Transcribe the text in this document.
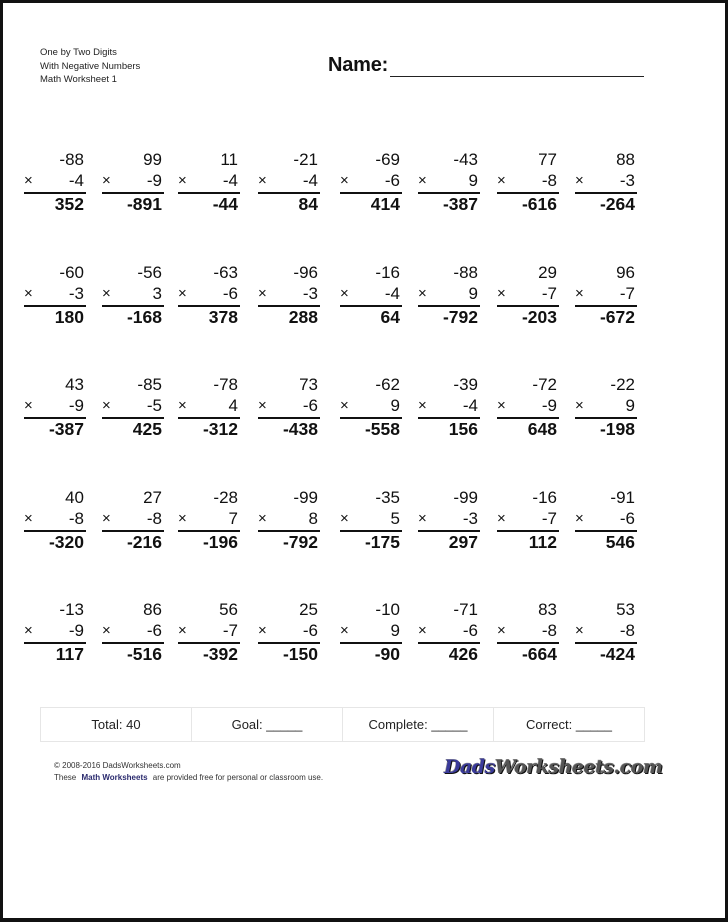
One by Two Digits
With Negative Numbers
Math Worksheet 1
Name:
-88
× -4
352
99
× -9
-891
11
× -4
-44
-21
× -4
84
-69
× -6
414
-43
× 9
-387
77
× -8
-616
88
× -3
-264
-60
× -3
180
-56
× 3
-168
-63
× -6
378
-96
× -3
288
-16
× -4
64
-88
× 9
-792
29
× -7
-203
96
× -7
-672
43
× -9
-387
-85
× -5
425
-78
× 4
-312
73
× -6
-438
-62
× 9
-558
-39
× -4
156
-72
× -9
648
-22
× 9
-198
40
× -8
-320
27
× -8
-216
-28
× 7
-196
-99
× 8
-792
-35
× 5
-175
-99
× -3
297
-16
× -7
112
-91
× -6
546
-13
× -9
117
86
× -6
-516
56
× -7
-392
25
× -6
-150
-10
× 9
-90
-71
× -6
426
83
× -8
-664
53
× -8
-424
Total: 40	Goal: _____	Complete: _____	Correct: _____
© 2008-2016 DadsWorksheets.com
These Math Worksheets are provided free for personal or classroom use.	DadsWorksheets.com
